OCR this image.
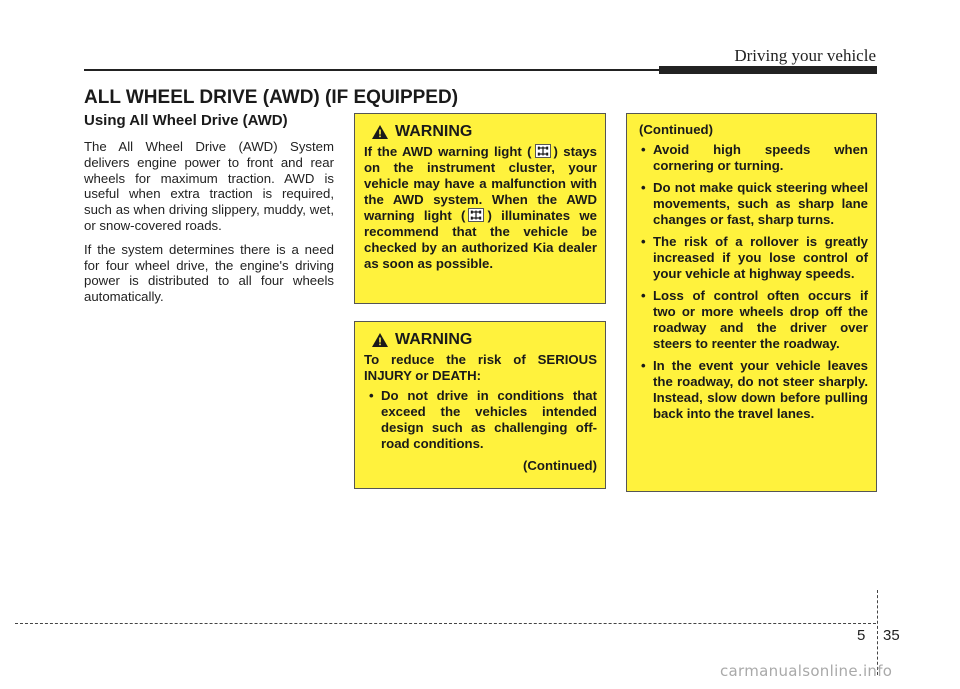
Driving your vehicle
ALL WHEEL DRIVE (AWD) (IF EQUIPPED)
Using All Wheel Drive (AWD)

The All Wheel Drive (AWD) System delivers engine power to front and rear wheels for maximum traction. AWD is useful when extra traction is required, such as when driving slippery, muddy, wet, or snow-covered roads.

If the system determines there is a need for four wheel drive, the engine's driving power is distributed to all four wheels automatically.

WARNING

If the AWD warning light ( ) stays on the instrument cluster, your vehicle may have a malfunction with the AWD system. When the AWD warning light ( ) illuminates we recommend that the vehicle be checked by an authorized Kia dealer as soon as possible.

WARNING

To reduce the risk of SERIOUS INJURY or DEATH:

• Do not drive in conditions that exceed the vehicles intended design such as challenging off-road conditions.
(Continued)
(Continued)
• Avoid high speeds when cornering or turning.
• Do not make quick steering wheel movements, such as sharp lane changes or fast, sharp turns.
• The risk of a rollover is greatly increased if you lose control of your vehicle at highway speeds.
• Loss of control often occurs if two or more wheels drop off the roadway and the driver over steers to reenter the roadway.
• In the event your vehicle leaves the roadway, do not steer sharply. Instead, slow down before pulling back into the travel lanes.
5 35
carmanualsonline.info
